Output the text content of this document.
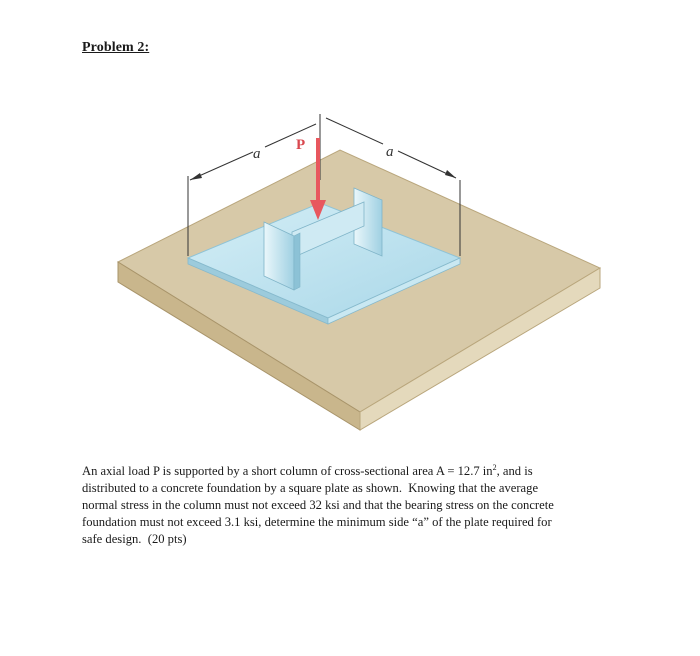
Problem 2:
a	a
P

An axial load P is supported by a short column of cross-sectional area A = 12.7 $in^2$, and is
distributed to a concrete foundation by a square plate as shown.  Knowing that the average
normal stress in the column must not exceed 32 ksi and that the bearing stress on the concrete
foundation must not exceed 3.1 ksi, determine the minimum side “a” of the plate required for
safe design.  (20 pts)
